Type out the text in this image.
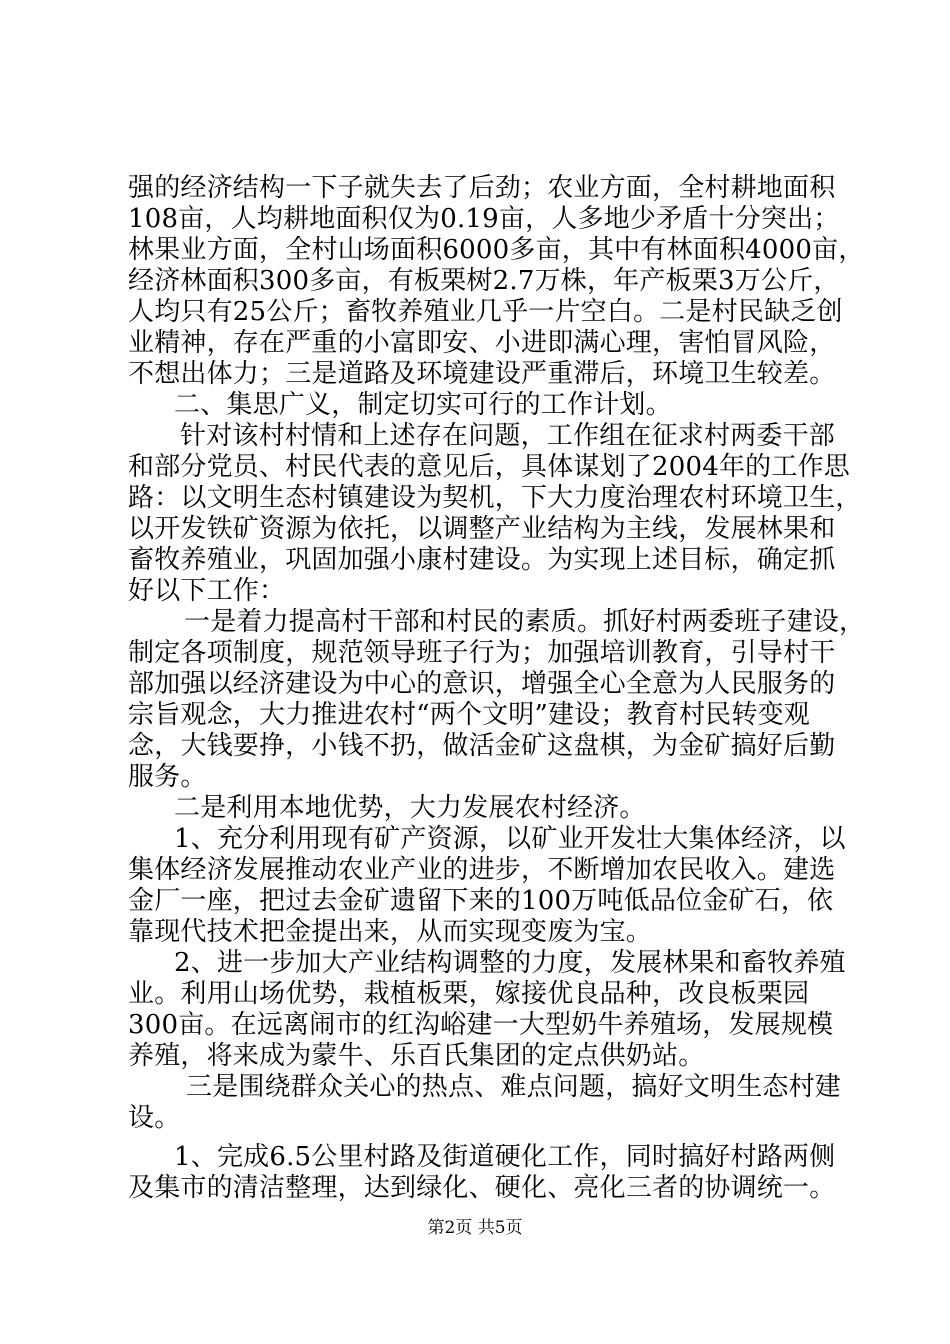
强的经济结构一下子就失去了后劲；农业方面，全村耕地面积
108亩，人均耕地面积仅为0.19亩，人多地少矛盾十分突出；
林果业方面，全村山场面积6000多亩，其中有林面积4000亩，
经济林面积300多亩，有板栗树2.7万株，年产板栗3万公斤，
人均只有25公斤；畜牧养殖业几乎一片空白。二是村民缺乏创
业精神，存在严重的小富即安、小进即满心理，害怕冒风险，
不想出体力；三是道路及环境建设严重滞后，环境卫生较差。
二、集思广义，制定切实可行的工作计划。
针对该村村情和上述存在问题，工作组在征求村两委干部
和部分党员、村民代表的意见后，具体谋划了2004年的工作思
路：以文明生态村镇建设为契机，下大力度治理农村环境卫生，
以开发铁矿资源为依托，以调整产业结构为主线，发展林果和
畜牧养殖业，巩固加强小康村建设。为实现上述目标，确定抓
好以下工作：
一是着力提高村干部和村民的素质。抓好村两委班子建设，
制定各项制度，规范领导班子行为；加强培训教育，引导村干
部加强以经济建设为中心的意识，增强全心全意为人民服务的
宗旨观念，大力推进农村“两个文明”建设；教育村民转变观
念，大钱要挣，小钱不扔，做活金矿这盘棋，为金矿搞好后勤
服务。
二是利用本地优势，大力发展农村经济。
1、充分利用现有矿产资源，以矿业开发壮大集体经济，以
集体经济发展推动农业产业的进步，不断增加农民收入。建选
金厂一座，把过去金矿遗留下来的100万吨低品位金矿石，依
靠现代技术把金提出来，从而实现变废为宝。
2、进一步加大产业结构调整的力度，发展林果和畜牧养殖
业。利用山场优势，栽植板栗，嫁接优良品种，改良板栗园
300亩。在远离闹市的红沟峪建一大型奶牛养殖场，发展规模
养殖，将来成为蒙牛、乐百氏集团的定点供奶站。
三是围绕群众关心的热点、难点问题，搞好文明生态村建
设。
1、完成6.5公里村路及街道硬化工作，同时搞好村路两侧
及集市的清洁整理，达到绿化、硬化、亮化三者的协调统一。
第2页 共5页
